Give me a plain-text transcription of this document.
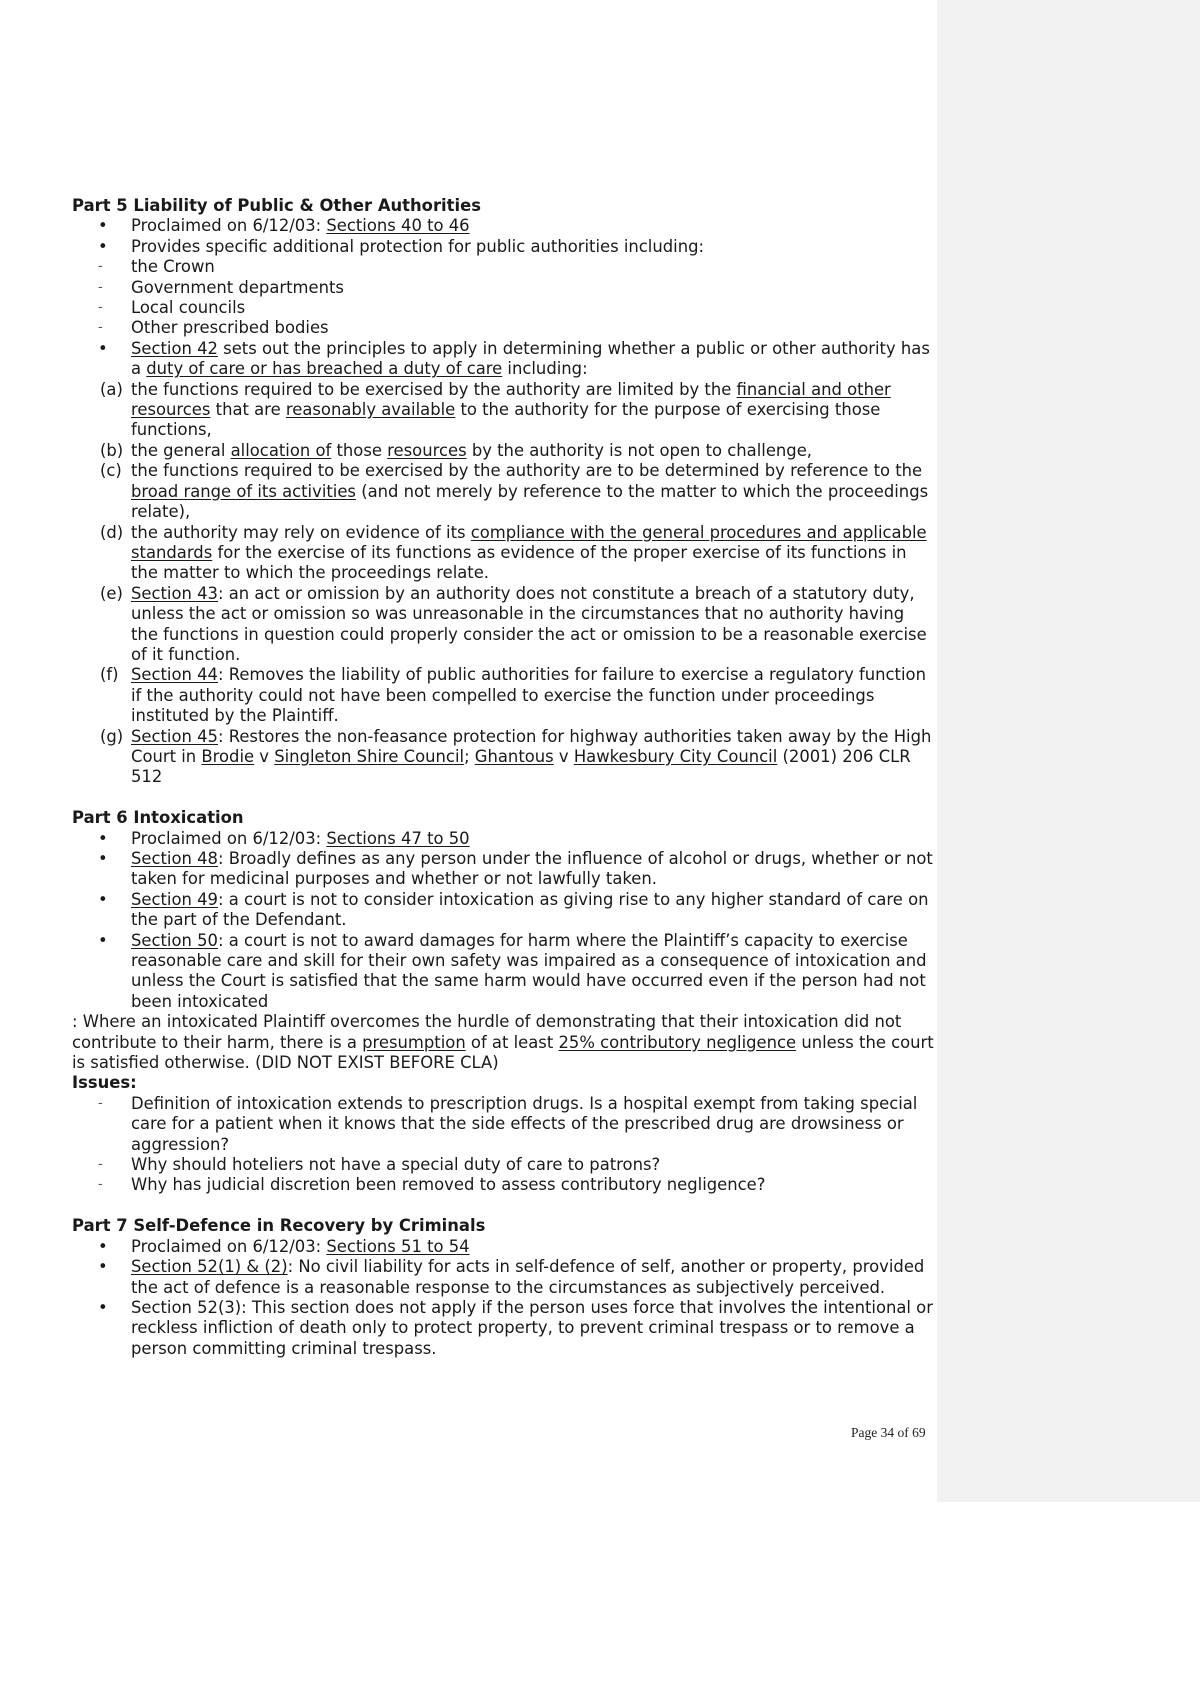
Part 5 Liability of Public & Other Authorities

•	Proclaimed on 6/12/03: Sections 40 to 46

•	Provides specific additional protection for public authorities including:

-	the Crown

-	Government departments

-	Local councils

-	Other prescribed bodies

•	Section 42 sets out the principles to apply in determining whether a public or other authority has a duty of care or has breached a duty of care including:

(a) the functions required to be exercised by the authority are limited by the financial and other resources that are reasonably available to the authority for the purpose of exercising those functions,

(b) the general allocation of those resources by the authority is not open to challenge,

(c) the functions required to be exercised by the authority are to be determined by reference to the broad range of its activities (and not merely by reference to the matter to which the proceedings relate),

(d) the authority may rely on evidence of its compliance with the general procedures and applicable standards for the exercise of its functions as evidence of the proper exercise of its functions in the matter to which the proceedings relate.

(e) Section 43: an act or omission by an authority does not constitute a breach of a statutory duty, unless the act or omission so was unreasonable in the circumstances that no authority having the functions in question could properly consider the act or omission to be a reasonable exercise of it function.

(f) Section 44: Removes the liability of public authorities for failure to exercise a regulatory function if the authority could not have been compelled to exercise the function under proceedings instituted by the Plaintiff.

(g) Section 45: Restores the non-feasance protection for highway authorities taken away by the High Court in Brodie v Singleton Shire Council; Ghantous v Hawkesbury City Council (2001) 206 CLR 512

Part 6 Intoxication

•	Proclaimed on 6/12/03: Sections 47 to 50

•	Section 48: Broadly defines as any person under the influence of alcohol or drugs, whether or not taken for medicinal purposes and whether or not lawfully taken.

•	Section 49: a court is not to consider intoxication as giving rise to any higher standard of care on the part of the Defendant.

•	Section 50: a court is not to award damages for harm where the Plaintiff’s capacity to exercise reasonable care and skill for their own safety was impaired as a consequence of intoxication and unless the Court is satisfied that the same harm would have occurred even if the person had not been intoxicated

: Where an intoxicated Plaintiff overcomes the hurdle of demonstrating that their intoxication did not contribute to their harm, there is a presumption of at least 25% contributory negligence unless the court is satisfied otherwise. (DID NOT EXIST BEFORE CLA)

Issues:

-	Definition of intoxication extends to prescription drugs. Is a hospital exempt from taking special care for a patient when it knows that the side effects of the prescribed drug are drowsiness or aggression?

-	Why should hoteliers not have a special duty of care to patrons?

-	Why has judicial discretion been removed to assess contributory negligence?

Part 7 Self-Defence in Recovery by Criminals

•	Proclaimed on 6/12/03: Sections 51 to 54

•	Section 52(1) & (2): No civil liability for acts in self-defence of self, another or property, provided the act of defence is a reasonable response to the circumstances as subjectively perceived.

•	Section 52(3): This section does not apply if the person uses force that involves the intentional or reckless infliction of death only to protect property, to prevent criminal trespass or to remove a person committing criminal trespass.

Page 34 of 69
